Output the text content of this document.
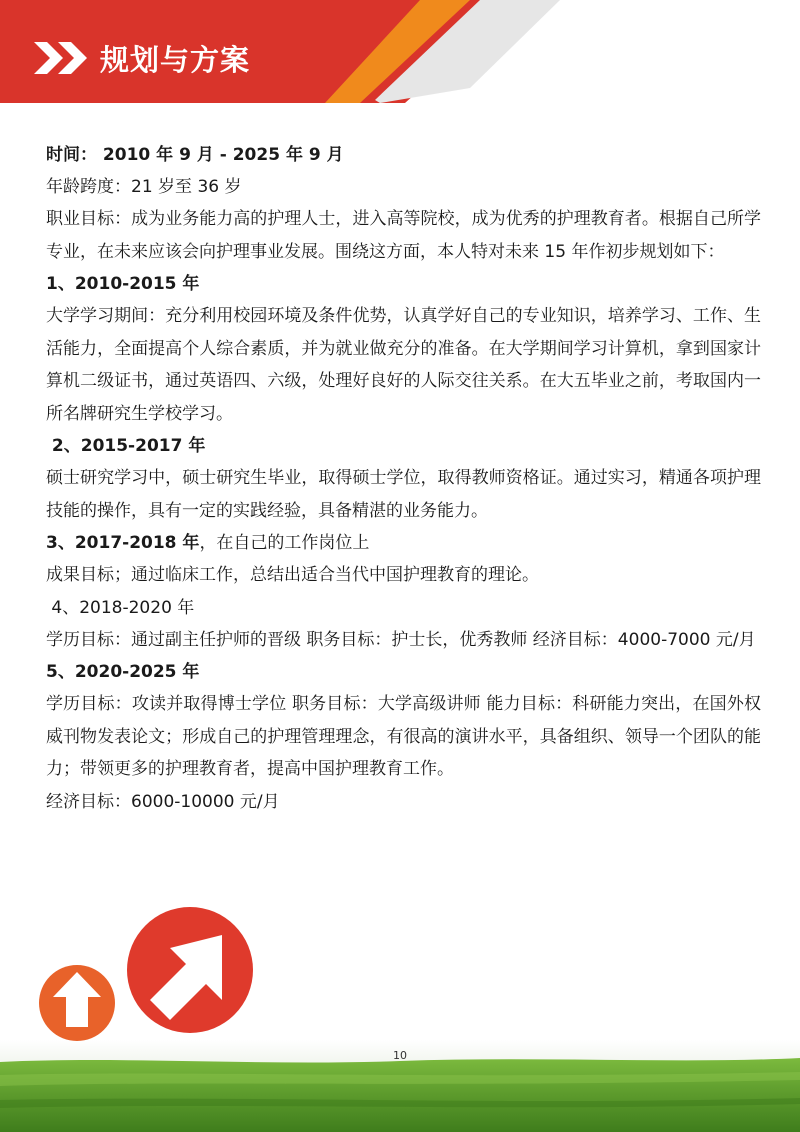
规划与方案
时间： 2010 年 9 月 - 2025 年 9 月
年龄跨度：21 岁至 36 岁
职业目标：成为业务能力高的护理人士，进入高等院校，成为优秀的护理教育者。根据自己所学专业，在未来应该会向护理事业发展。围绕这方面，本人特对未来 15 年作初步规划如下：
1、2010-2015 年
大学学习期间：充分利用校园环境及条件优势，认真学好自己的专业知识，培养学习、工作、生活能力，全面提高个人综合素质，并为就业做充分的准备。在大学期间学习计算机，拿到国家计算机二级证书，通过英语四、六级，处理好良好的人际交往关系。在大五毕业之前，考取国内一所名牌研究生学校学习。
2、2015-2017 年
硕士研究学习中，硕士研究生毕业，取得硕士学位，取得教师资格证。通过实习，精通各项护理技能的操作，具有一定的实践经验，具备精湛的业务能力。
3、2017-2018 年，在自己的工作岗位上
成果目标；通过临床工作，总结出适合当代中国护理教育的理论。
4、2018-2020 年
学历目标：通过副主任护师的晋级 职务目标：护士长，优秀教师 经济目标：4000-7000 元/月
5、2020-2025 年
学历目标：攻读并取得博士学位 职务目标：大学高级讲师 能力目标：科研能力突出，在国外权威刊物发表论文；形成自己的护理管理理念，有很高的演讲水平，具备组织、领导一个团队的能力；带领更多的护理教育者，提高中国护理教育工作。
经济目标：6000-10000 元/月
10
